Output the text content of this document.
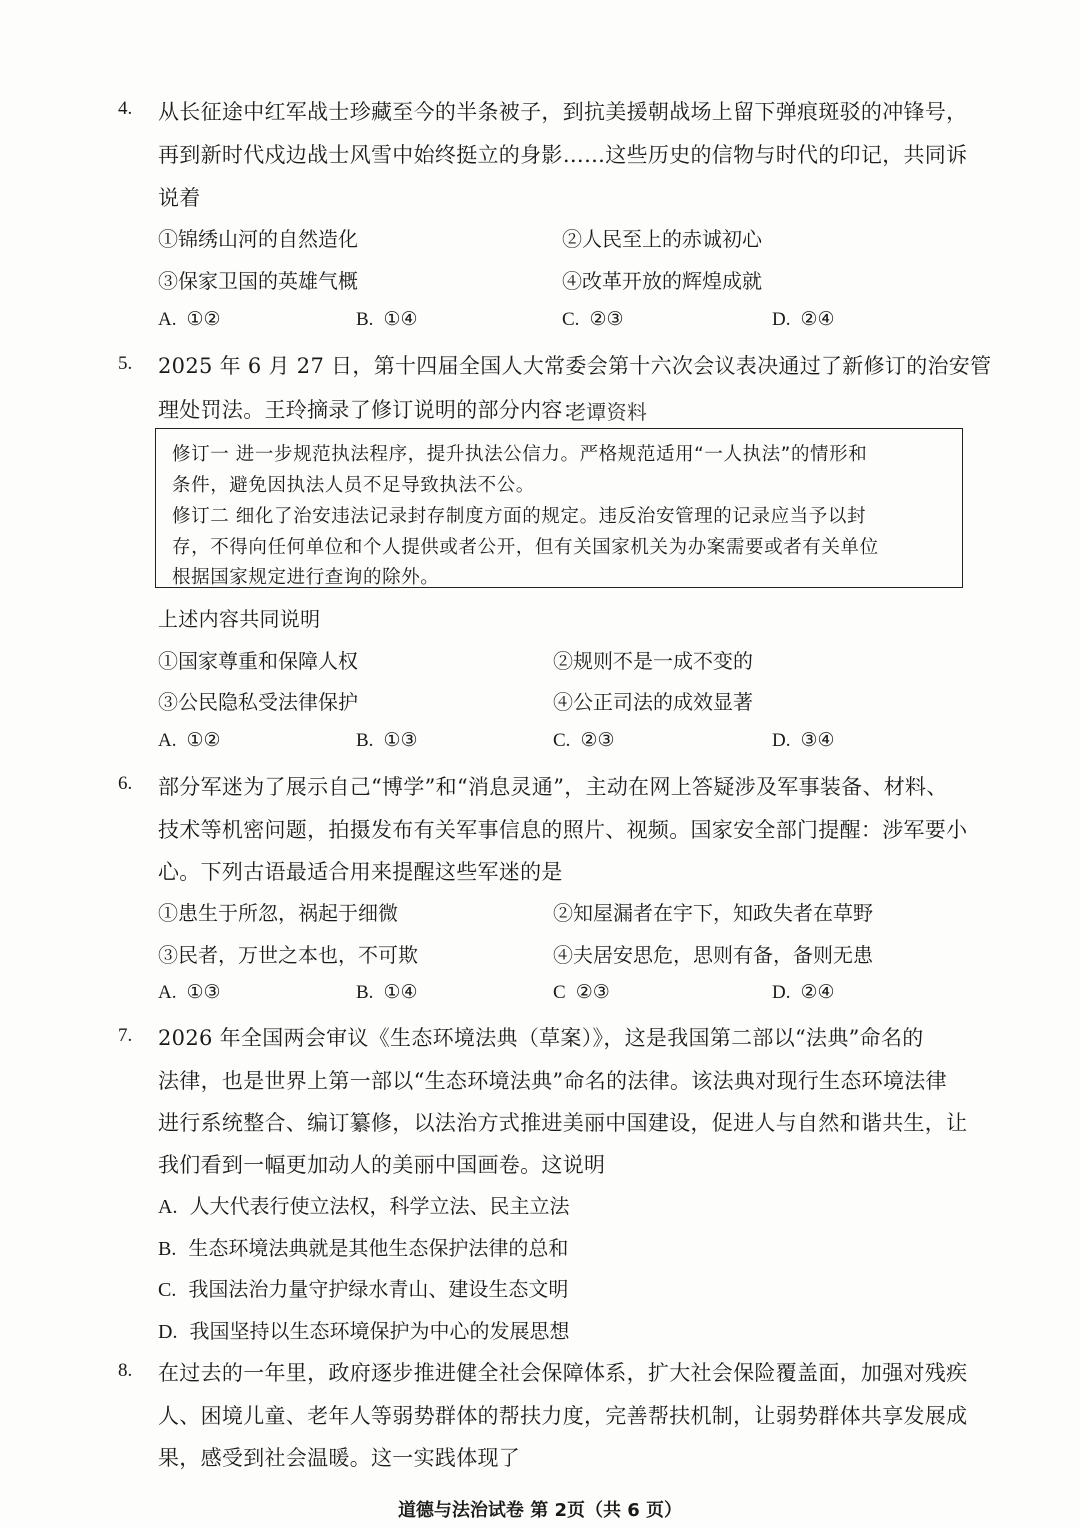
4. 从长征途中红军战士珍藏至今的半条被子，到抗美援朝战场上留下弹痕斑驳的冲锋号，
再到新时代戍边战士风雪中始终挺立的身影……这些历史的信物与时代的印记，共同诉
说着
①锦绣山河的自然造化	②人民至上的赤诚初心
③保家卫国的英雄气概	④改革开放的辉煌成就
A. ①②	B. ①④	C. ②③	D. ②④
5. 2025 年 6 月 27 日，第十四届全国人大常委会第十六次会议表决通过了新修订的治安管
理处罚法。王玲摘录了修订说明的部分内容：
老谭资料
修订一 进一步规范执法程序，提升执法公信力。严格规范适用“一人执法”的情形和
条件，避免因执法人员不足导致执法不公。
修订二 细化了治安违法记录封存制度方面的规定。违反治安管理的记录应当予以封
存，不得向任何单位和个人提供或者公开，但有关国家机关为办案需要或者有关单位
根据国家规定进行查询的除外。
上述内容共同说明
①国家尊重和保障人权	②规则不是一成不变的
③公民隐私受法律保护	④公正司法的成效显著
A. ①②	B. ①③	C. ②③	D. ③④
6. 部分军迷为了展示自己“博学”和“消息灵通”，主动在网上答疑涉及军事装备、材料、
技术等机密问题，拍摄发布有关军事信息的照片、视频。国家安全部门提醒：涉军要小
心。下列古语最适合用来提醒这些军迷的是
①患生于所忽，祸起于细微	②知屋漏者在宇下，知政失者在草野
③民者，万世之本也，不可欺	④夫居安思危，思则有备，备则无患
A. ①③	B. ①④	C ②③	D. ②④
7. 2026 年全国两会审议《生态环境法典（草案）》，这是我国第二部以“法典”命名的
法律，也是世界上第一部以“生态环境法典”命名的法律。该法典对现行生态环境法律
进行系统整合、编订纂修，以法治方式推进美丽中国建设，促进人与自然和谐共生，让
我们看到一幅更加动人的美丽中国画卷。这说明
A. 人大代表行使立法权，科学立法、民主立法
B. 生态环境法典就是其他生态保护法律的总和
C. 我国法治力量守护绿水青山、建设生态文明
D. 我国坚持以生态环境保护为中心的发展思想
8. 在过去的一年里，政府逐步推进健全社会保障体系，扩大社会保险覆盖面，加强对残疾
人、困境儿童、老年人等弱势群体的帮扶力度，完善帮扶机制，让弱势群体共享发展成
果，感受到社会温暖。这一实践体现了
道德与法治试卷 第 2页（共 6 页）
